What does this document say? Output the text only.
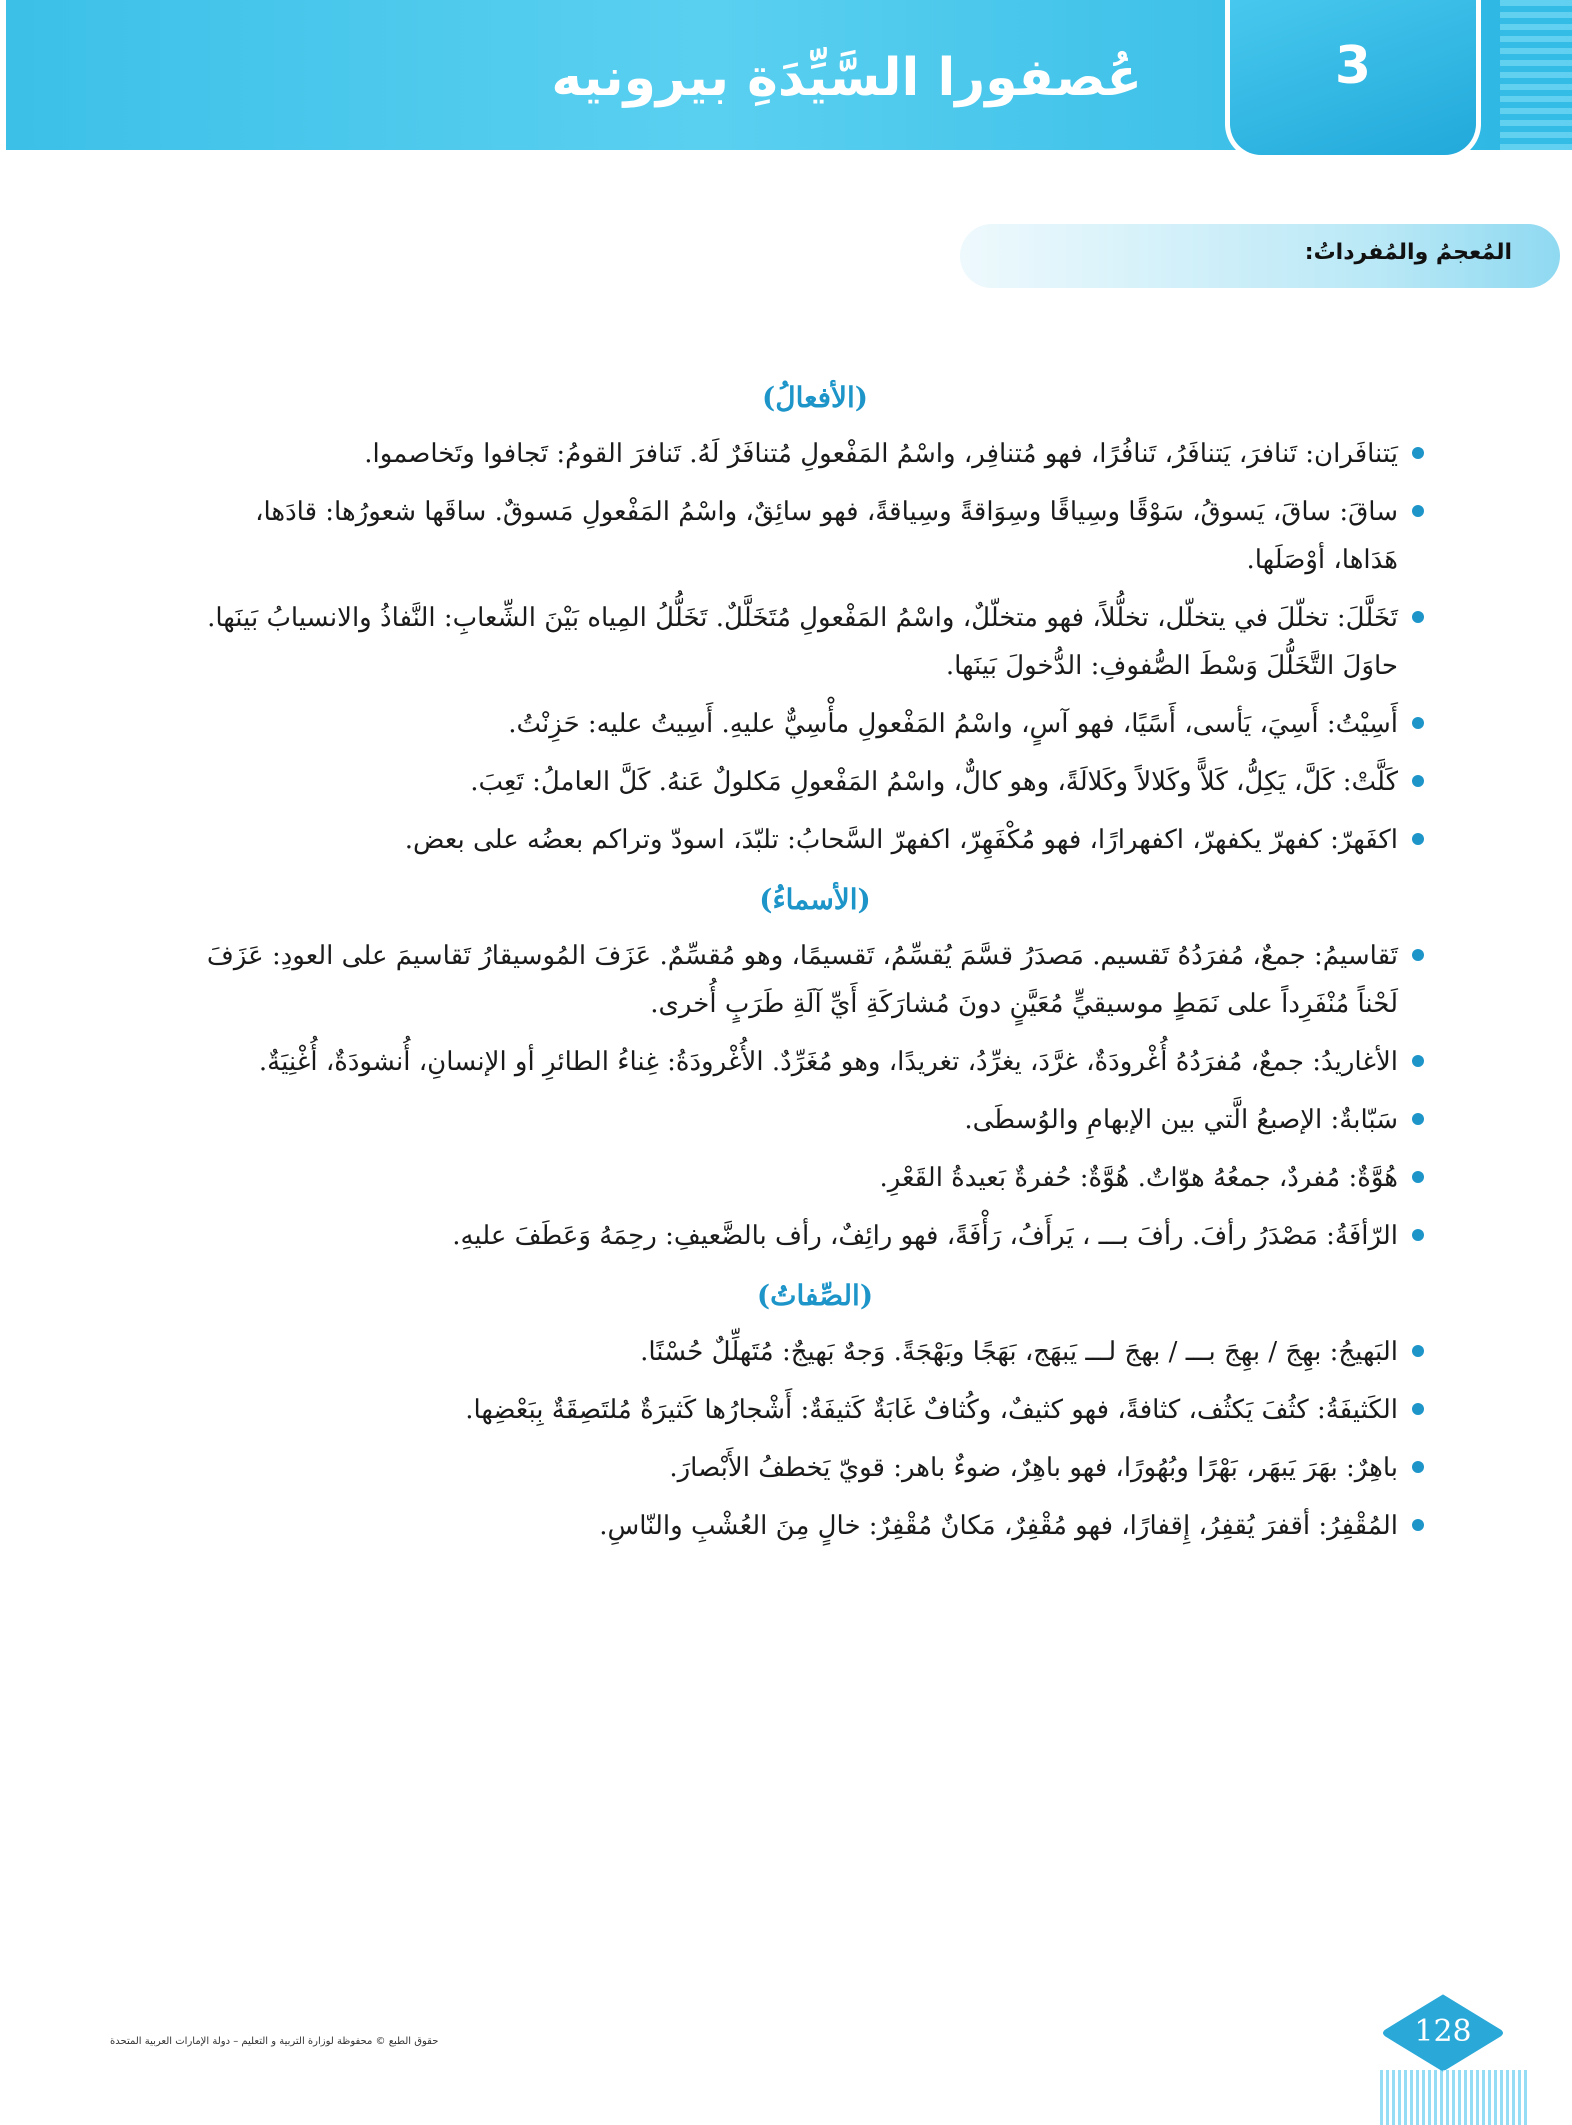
عُصفورا السَّيِّدَةِ بيرونيه	3
المُعجمُ والمُفرداتُ:
(الأفعالُ)
يَتنافَران: تَنافرَ، يَتنافَرُ، تَنافُرًا، فهو مُتنافِر، واسْمُ المَفْعولِ مُتنافَرٌ لَهُ. تَنافرَ القومُ: تَجافوا وتَخاصموا.
ساقَ: ساقَ، يَسوقُ، سَوْقًا وسِياقًا وسِوَاقةً وسِياقةً، فهو سائِقٌ، واسْمُ المَفْعولِ مَسوقٌ. ساقَها شعورُها: قادَها، هَدَاها، أوْصَلَها.
تَخَلَّلَ: تخلّلَ في يتخلّل، تخلُّلاً، فهو متخلّلٌ، واسْمُ المَفْعولِ مُتَخَلَّلٌ. تَخَلُّلُ المِياه بَيْنَ الشِّعابِ: النَّفاذُ والانسيابُ بَينَها. حاوَلَ التَّخَلُّلَ وَسْطَ الصُّفوفِ: الدُّخولَ بَينَها.
أَسِيْتُ: أَسِيَ، يَأسى، أَسًيًا، فهو آسٍ، واسْمُ المَفْعولِ مأْسِيٌّ عليهِ. أَسِيتُ عليه: حَزِنْتُ.
كَلَّتْ: كَلَّ، يَكِلُّ، كَلاًّ وكَلالاً وكَلالَةً، وهو كالٌّ، واسْمُ المَفْعولِ مَكلولٌ عَنهُ. كَلَّ العاملُ: تَعِبَ.
اكفَهرّ: كفهرّ يكفهرّ، اكفهرارًا، فهو مُكْفَهِرّ، اكفهرّ السَّحابُ: تلبّدَ، اسودّ وتراكم بعضُه على بعض.
(الأسماءُ)
تَقاسيمُ: جمعٌ، مُفرَدُهُ تَقسيم. مَصدَرُ قسَّمَ يُقسِّمُ، تَقسيمًا، وهو مُقسِّمٌ. عَزَفَ المُوسيقارُ تَقاسيمَ على العودِ: عَزَفَ لَحْناً مُنْفَرِداً على نَمَطٍ موسيقيٍّ مُعَيَّنٍ دونَ مُشارَكَةِ أَيِّ آلَةِ طَرَبٍ أُخرى.
الأغاريدُ: جمعٌ، مُفرَدُهُ أُغْرودَةٌ، غرَّدَ، يغرِّدُ، تغريدًا، وهو مُغَرِّدٌ. الأُغْرودَةُ: غِناءُ الطائرِ أو الإنسانِ، أُنشودَةٌ، أُغْنِيَةٌ.
سَبّابةٌ: الإصبعُ الَّتي بين الإبهامِ والوُسطَى.
هُوَّةٌ: مُفردٌ، جمعُهُ هوّاتٌ. هُوَّةٌ: حُفرةٌ بَعيدةُ القَعْرِ.
الرّأفَةُ: مَصْدَرُ رأفَ. رأفَ بـــ ، يَرأَفُ، رَأْفَةً، فهو رائِفٌ، رأف بالضَّعيفِ: رحِمَهُ وَعَطَفَ عليهِ.
(الصِّفاتُ)
البَهيجُ: بهِجَ / بهِجَ بـــ / بهجَ لـــ يَبهَج، بَهَجًا وبَهْجَةً. وَجهٌ بَهيجٌ: مُتَهلِّلٌ حُسْنًا.
الكَثيفَةُ: كثُفَ يَكثُف، كثافةً، فهو كثيفٌ، وكُثافٌ غَابَةٌ كَثيفَةٌ: أَشْجارُها كَثيرَةٌ مُلتَصِقَةٌ بِبَعْضِها.
باهِرٌ: بهَرَ يَبهَر، بَهْرًا وبُهُورًا، فهو باهِرٌ، ضوءٌ باهر: قويّ يَخطفُ الأَبْصارَ.
المُقْفِرُ: أقفرَ يُقفِرُ، إِقفارًا، فهو مُقْفِرٌ، مَكانٌ مُقْفِرٌ: خالٍ مِنَ العُشْبِ والنّاسِ.
حقوق الطبع © محفوظة لوزارة التربية و التعليم – دولة الإمارات العربية المتحدة	128
